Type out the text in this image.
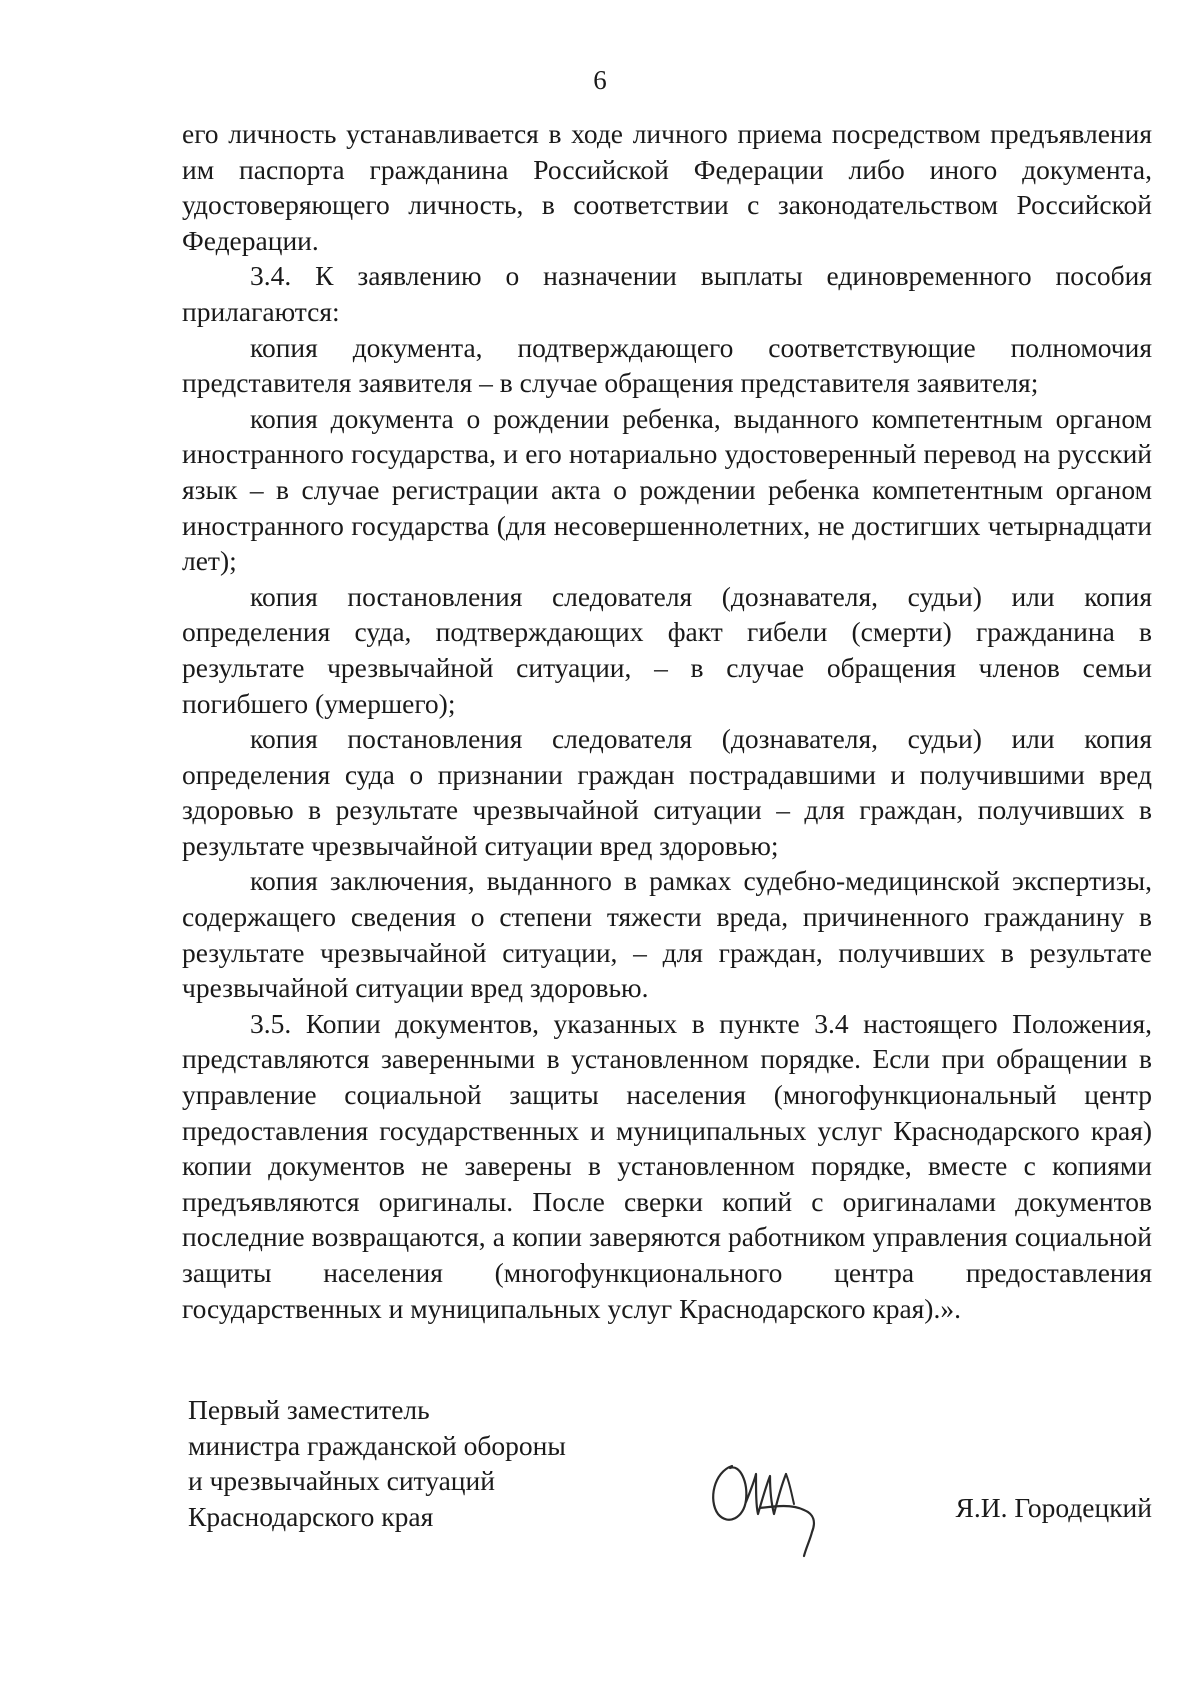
6

его личность устанавливается в ходе личного приема посредством предъявления им паспорта гражданина Российской Федерации либо иного документа, удостоверяющего личность, в соответствии с законодательством Российской Федерации.

3.4. К заявлению о назначении выплаты единовременного пособия прилагаются:

копия документа, подтверждающего соответствующие полномочия представителя заявителя – в случае обращения представителя заявителя;

копия документа о рождении ребенка, выданного компетентным органом иностранного государства, и его нотариально удостоверенный перевод на русский язык – в случае регистрации акта о рождении ребенка компетентным органом иностранного государства (для несовершеннолетних, не достигших четырнадцати лет);

копия постановления следователя (дознавателя, судьи) или копия определения суда, подтверждающих факт гибели (смерти) гражданина в результате чрезвычайной ситуации, – в случае обращения членов семьи погибшего (умершего);

копия постановления следователя (дознавателя, судьи) или копия определения суда о признании граждан пострадавшими и получившими вред здоровью в результате чрезвычайной ситуации – для граждан, получивших в результате чрезвычайной ситуации вред здоровью;

копия заключения, выданного в рамках судебно-медицинской экспертизы, содержащего сведения о степени тяжести вреда, причиненного гражданину в результате чрезвычайной ситуации, – для граждан, получивших в результате чрезвычайной ситуации вред здоровью.

3.5. Копии документов, указанных в пункте 3.4 настоящего Положения, представляются заверенными в установленном порядке. Если при обращении в управление социальной защиты населения (многофункциональный центр предоставления государственных и муниципальных услуг Краснодарского края) копии документов не заверены в установленном порядке, вместе с копиями предъявляются оригиналы. После сверки копий с оригиналами документов последние возвращаются, а копии заверяются работником управления социальной защиты населения (многофункционального центра предоставления государственных и муниципальных услуг Краснодарского края).».

Первый заместитель
министра гражданской обороны
и чрезвычайных ситуаций
Краснодарского края	Я.И. Городецкий
